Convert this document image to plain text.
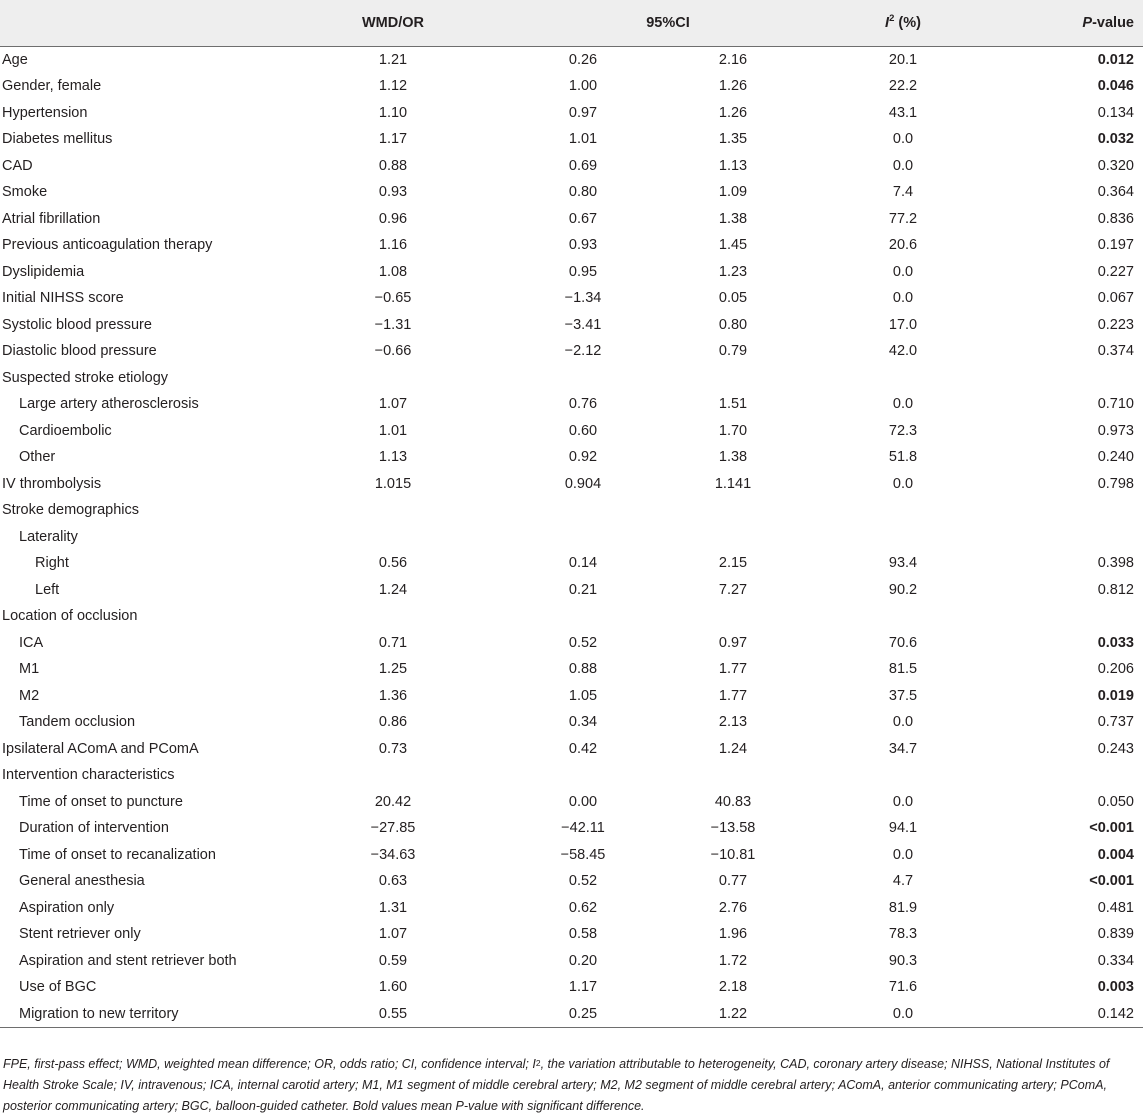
	WMD/OR	95%CI		$I^2$ (%)	P-value
Age	1.21	0.26	2.16	20.1	0.012
Gender, female	1.12	1.00	1.26	22.2	0.046
Hypertension	1.10	0.97	1.26	43.1	0.134
Diabetes mellitus	1.17	1.01	1.35	0.0	0.032
CAD	0.88	0.69	1.13	0.0	0.320
Smoke	0.93	0.80	1.09	7.4	0.364
Atrial fibrillation	0.96	0.67	1.38	77.2	0.836
Previous anticoagulation therapy	1.16	0.93	1.45	20.6	0.197
Dyslipidemia	1.08	0.95	1.23	0.0	0.227
Initial NIHSS score	−0.65	−1.34	0.05	0.0	0.067
Systolic blood pressure	−1.31	−3.41	0.80	17.0	0.223
Diastolic blood pressure	−0.66	−2.12	0.79	42.0	0.374
Suspected stroke etiology					
Large artery atherosclerosis	1.07	0.76	1.51	0.0	0.710
Cardioembolic	1.01	0.60	1.70	72.3	0.973
Other	1.13	0.92	1.38	51.8	0.240
IV thrombolysis	1.015	0.904	1.141	0.0	0.798
Stroke demographics					
Laterality					
Right	0.56	0.14	2.15	93.4	0.398
Left	1.24	0.21	7.27	90.2	0.812
Location of occlusion					
ICA	0.71	0.52	0.97	70.6	0.033
M1	1.25	0.88	1.77	81.5	0.206
M2	1.36	1.05	1.77	37.5	0.019
Tandem occlusion	0.86	0.34	2.13	0.0	0.737
Ipsilateral AComA and PComA	0.73	0.42	1.24	34.7	0.243
Intervention characteristics					
Time of onset to puncture	20.42	0.00	40.83	0.0	0.050
Duration of intervention	−27.85	−42.11	−13.58	94.1	<0.001
Time of onset to recanalization	−34.63	−58.45	−10.81	0.0	0.004
General anesthesia	0.63	0.52	0.77	4.7	<0.001
Aspiration only	1.31	0.62	2.76	81.9	0.481
Stent retriever only	1.07	0.58	1.96	78.3	0.839
Aspiration and stent retriever both	0.59	0.20	1.72	90.3	0.334
Use of BGC	1.60	1.17	2.18	71.6	0.003
Migration to new territory	0.55	0.25	1.22	0.0	0.142
FPE, first-pass effect; WMD, weighted mean difference; OR, odds ratio; CI, confidence interval; $I^2$, the variation attributable to heterogeneity, CAD, coronary artery disease; NIHSS, National Institutes of Health Stroke Scale; IV, intravenous; ICA, internal carotid artery; M1, M1 segment of middle cerebral artery; M2, M2 segment of middle cerebral artery; AComA, anterior communicating artery; PComA, posterior communicating artery; BGC, balloon-guided catheter. Bold values mean P-value with significant difference.
